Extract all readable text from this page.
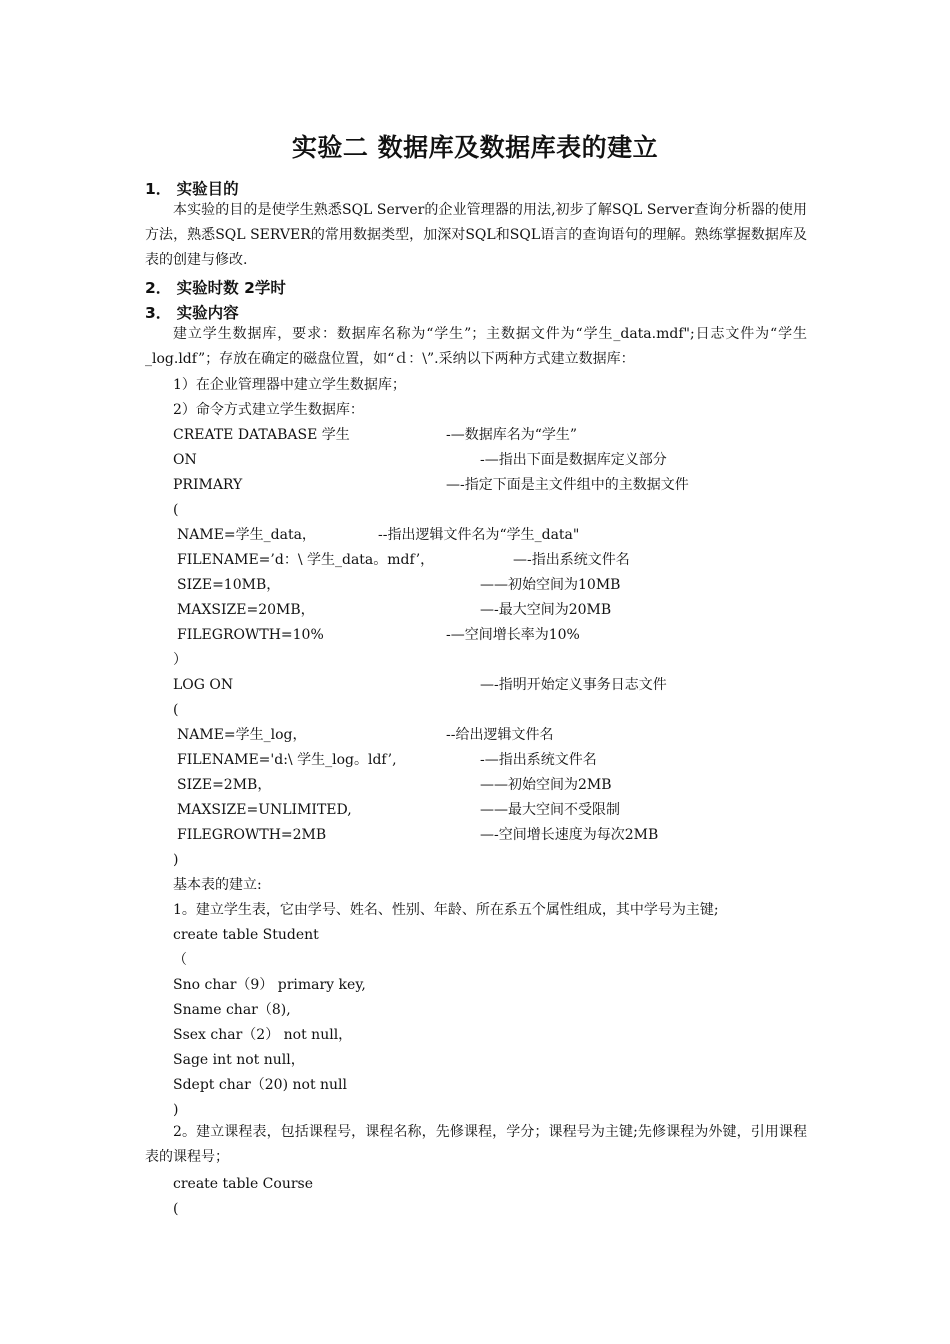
实验二 数据库及数据库表的建立
1． 实验目的
本实验的目的是使学生熟悉SQL Server的企业管理器的用法,初步了解SQL Server查询分析器的使用方法，熟悉SQL SERVER的常用数据类型，加深对SQL和SQL语言的查询语句的理解。熟练掌握数据库及表的创建与修改.
2． 实验时数 2学时
3． 实验内容
建立学生数据库，要求：数据库名称为“学生”；主数据文件为“学生_data.mdf";日志文件为“学生_log.ldf”；存放在确定的磁盘位置，如“ｄ：\”.采纳以下两种方式建立数据库：
1）在企业管理器中建立学生数据库；
2）命令方式建立学生数据库：
CREATE DATABASE 学生	-—数据库名为“学生”
ON	-—指出下面是数据库定义部分
PRIMARY	—-指定下面是主文件组中的主数据文件
(
NAME=学生_data，	--指出逻辑文件名为“学生_data"
FILENAME=’d：\ 学生_data。mdf’，	—-指出系统文件名
SIZE=10MB，	——初始空间为10MB
MAXSIZE=20MB，	—-最大空间为20MB
FILEGROWTH=10%	-—空间增长率为10%
）
LOG ON	—-指明开始定义事务日志文件
(
NAME=学生_log，	--给出逻辑文件名
FILENAME='d:\ 学生_log。ldf’,	-—指出系统文件名
SIZE=2MB，	——初始空间为2MB
MAXSIZE=UNLIMITED,	——最大空间不受限制
FILEGROWTH=2MB	—-空间增长速度为每次2MB
)
基本表的建立:
1。建立学生表，它由学号、姓名、性别、年龄、所在系五个属性组成，其中学号为主键;
create table Student
（
Sno char（9） primary key,
Sname char（8),
Ssex char（2） not null，
Sage int not null，
Sdept char（20) not null
)
2。建立课程表，包括课程号，课程名称，先修课程，学分；课程号为主键;先修课程为外键，引用课程表的课程号；
create table Course
(
